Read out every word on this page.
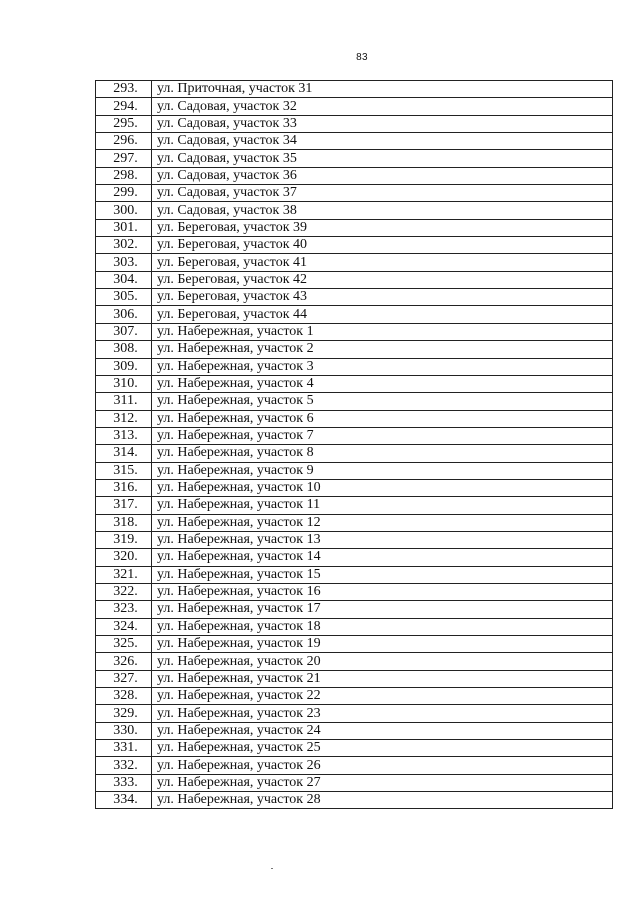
83
293.	ул. Приточная, участок 31
294.	ул. Садовая, участок 32
295.	ул. Садовая, участок 33
296.	ул. Садовая, участок 34
297.	ул. Садовая, участок 35
298.	ул. Садовая, участок 36
299.	ул. Садовая, участок 37
300.	ул. Садовая, участок 38
301.	ул. Береговая, участок 39
302.	ул. Береговая, участок 40
303.	ул. Береговая, участок 41
304.	ул. Береговая, участок 42
305.	ул. Береговая, участок 43
306.	ул. Береговая, участок 44
307.	ул. Набережная, участок 1
308.	ул. Набережная, участок 2
309.	ул. Набережная, участок 3
310.	ул. Набережная, участок 4
311.	ул. Набережная, участок 5
312.	ул. Набережная, участок 6
313.	ул. Набережная, участок 7
314.	ул. Набережная, участок 8
315.	ул. Набережная, участок 9
316.	ул. Набережная, участок 10
317.	ул. Набережная, участок 11
318.	ул. Набережная, участок 12
319.	ул. Набережная, участок 13
320.	ул. Набережная, участок 14
321.	ул. Набережная, участок 15
322.	ул. Набережная, участок 16
323.	ул. Набережная, участок 17
324.	ул. Набережная, участок 18
325.	ул. Набережная, участок 19
326.	ул. Набережная, участок 20
327.	ул. Набережная, участок 21
328.	ул. Набережная, участок 22
329.	ул. Набережная, участок 23
330.	ул. Набережная, участок 24
331.	ул. Набережная, участок 25
332.	ул. Набережная, участок 26
333.	ул. Набережная, участок 27
334.	ул. Набережная, участок 28
